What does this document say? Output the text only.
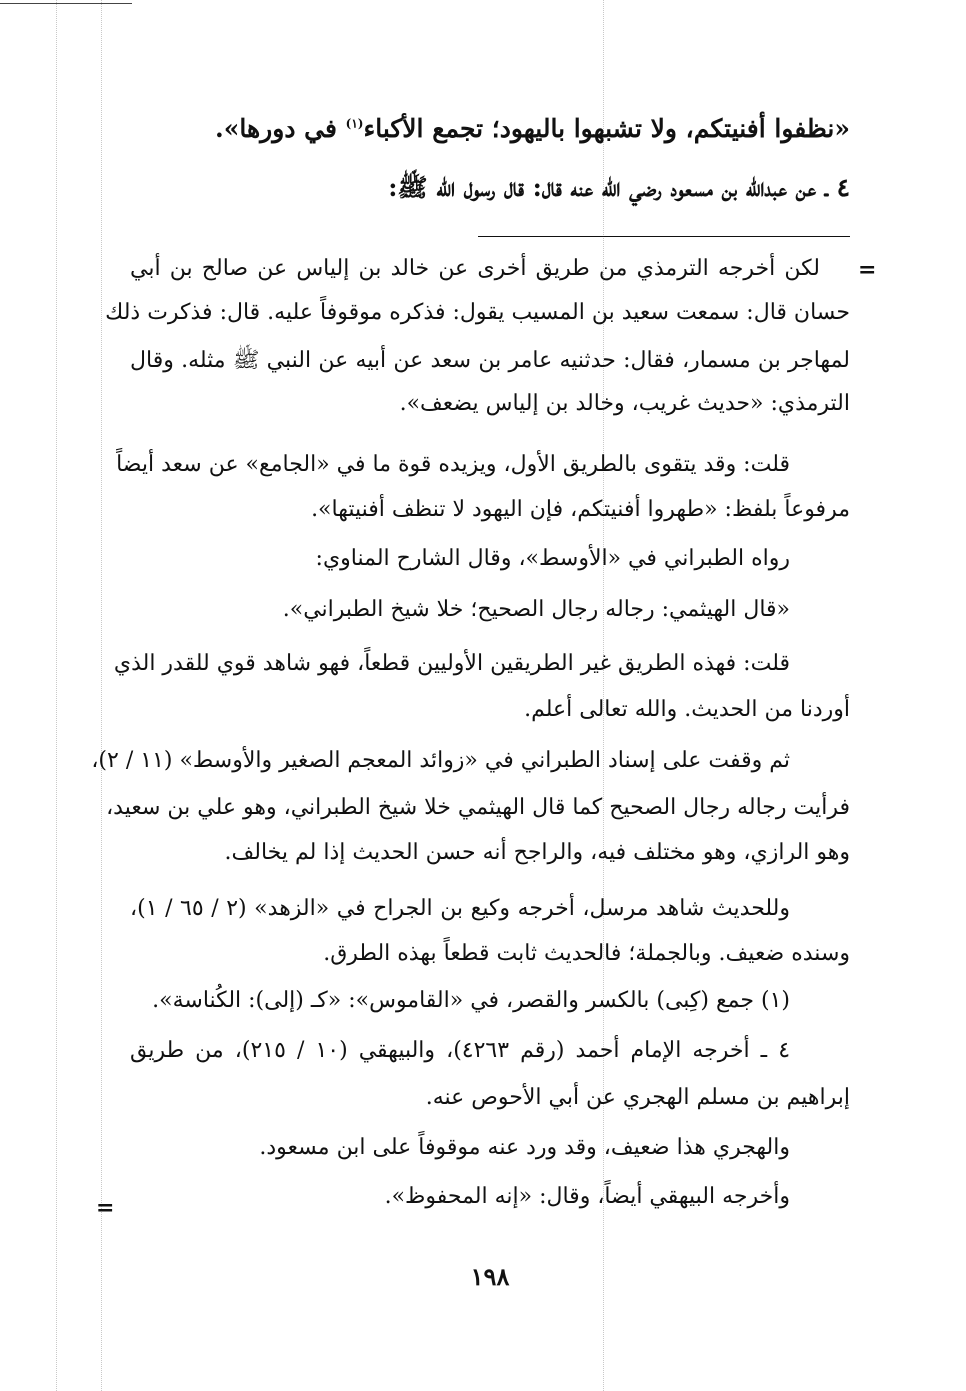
=
=
«نظفوا أفنيتكم، ولا تشبهوا باليهود؛ تجمع الأكباء$^{(١)}$ في دورها».
٤ ـ عن عبدالله بن مسعود رضي الله عنه قال: قال رسول الله ﷺ:
لكن أخرجه الترمذي من طريق أخرى عن خالد بن إلياس عن صالح بن أبي
حسان قال: سمعت سعيد بن المسيب يقول: فذكره موقوفاً عليه. قال: فذكرت ذلك
لمهاجر بن مسمار، فقال: حدثنيه عامر بن سعد عن أبيه عن النبي ﷺ مثله. وقال
الترمذي: «حديث غريب، وخالد بن إلياس يضعف».
قلت: وقد يتقوى بالطريق الأول، ويزيده قوة ما في «الجامع» عن سعد أيضاً
مرفوعاً بلفظ: «طهروا أفنيتكم، فإن اليهود لا تنظف أفنيتها».
رواه الطبراني في «الأوسط»، وقال الشارح المناوي:
«قال الهيثمي: رجاله رجال الصحيح؛ خلا شيخ الطبراني».
قلت: فهذه الطريق غير الطريقين الأوليين قطعاً، فهو شاهد قوي للقدر الذي
أوردنا من الحديث. والله تعالى أعلم.
ثم وقفت على إسناد الطبراني في «زوائد المعجم الصغير والأوسط» (١١ / ٢)،
فرأيت رجاله رجال الصحيح كما قال الهيثمي خلا شيخ الطبراني، وهو علي بن سعيد،
وهو الرازي، وهو مختلف فيه، والراجح أنه حسن الحديث إذا لم يخالف.
وللحديث شاهد مرسل، أخرجه وكيع بن الجراح في «الزهد» (٢ / ٦٥ / ١)،
وسنده ضعيف. وبالجملة؛ فالحديث ثابت قطعاً بهذه الطرق.
(١) جمع (كِبى) بالكسر والقصر، في «القاموس»: «كـ (إلى): الكُناسة».
٤ ـ أخرجه الإمام أحمد (رقم ٤٢٦٣)، والبيهقي (١٠ / ٢١٥)، من طريق
إبراهيم بن مسلم الهجري عن أبي الأحوص عنه.
والهجري هذا ضعيف، وقد ورد عنه موقوفاً على ابن مسعود.
وأخرجه البيهقي أيضاً، وقال: «إنه المحفوظ».
١٩٨
